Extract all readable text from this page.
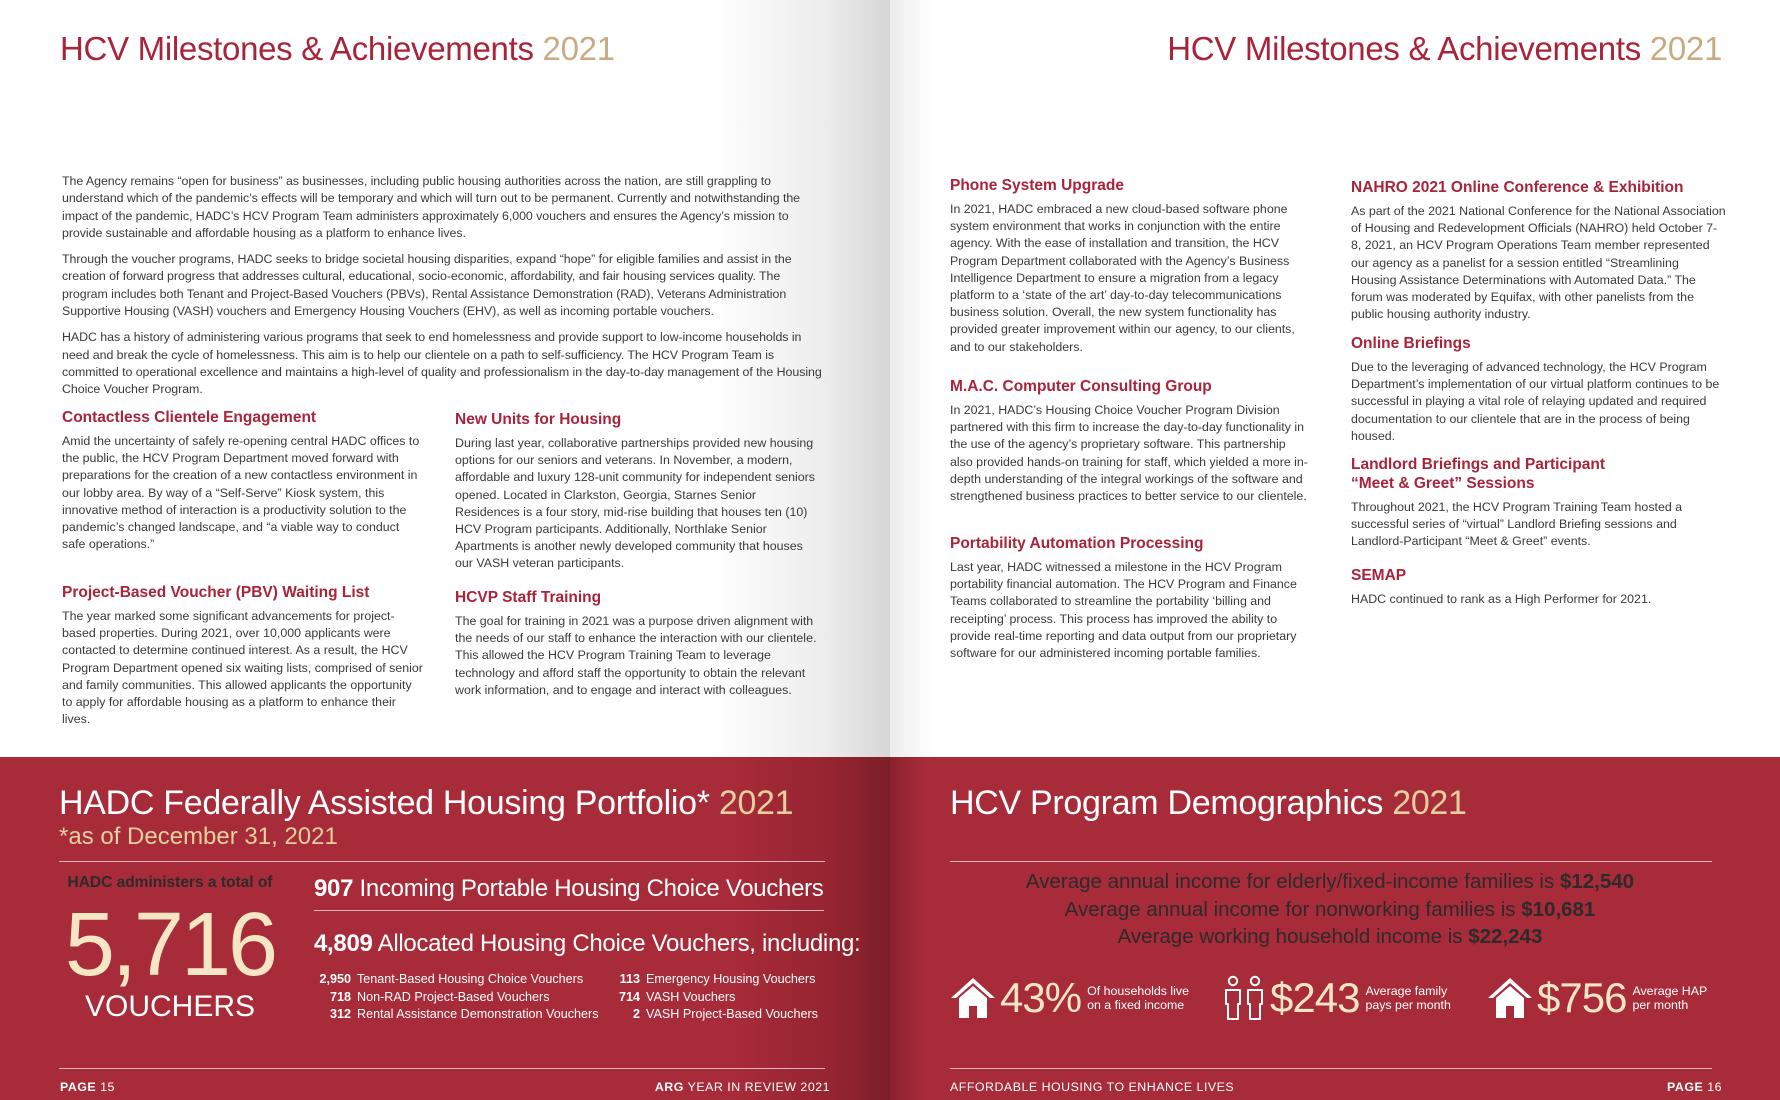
HCV Milestones & Achievements 2021

The Agency remains “open for business” as businesses, including public housing authorities across the nation, are still grappling to understand which of the pandemic’s effects will be temporary and which will turn out to be permanent. Currently and notwithstanding the impact of the pandemic, HADC’s HCV Program Team administers approximately 6,000 vouchers and ensures the Agency’s mission to provide sustainable and affordable housing as a platform to enhance lives.

Through the voucher programs, HADC seeks to bridge societal housing disparities, expand “hope” for eligible families and assist in the creation of forward progress that addresses cultural, educational, socio-economic, affordability, and fair housing services quality. The program includes both Tenant and Project-Based Vouchers (PBVs), Rental Assistance Demonstration (RAD), Veterans Administration Supportive Housing (VASH) vouchers and Emergency Housing Vouchers (EHV), as well as incoming portable vouchers.

HADC has a history of administering various programs that seek to end homelessness and provide support to low-income households in need and break the cycle of homelessness. This aim is to help our clientele on a path to self-sufficiency. The HCV Program Team is committed to operational excellence and maintains a high-level of quality and professionalism in the day-to-day management of the Housing Choice Voucher Program.

Contactless Clientele Engagement

Amid the uncertainty of safely re-opening central HADC offices to the public, the HCV Program Department moved forward with preparations for the creation of a new contactless environment in our lobby area. By way of a “Self-Serve” Kiosk system, this innovative method of interaction is a productivity solution to the pandemic’s changed landscape, and “a viable way to conduct safe operations.”

Project-Based Voucher (PBV) Waiting List

The year marked some significant advancements for project-based properties. During 2021, over 10,000 applicants were contacted to determine continued interest. As a result, the HCV Program Department opened six waiting lists, comprised of senior and family communities. This allowed applicants the opportunity to apply for affordable housing as a platform to enhance their lives.

New Units for Housing

During last year, collaborative partnerships provided new housing options for our seniors and veterans. In November, a modern, affordable and luxury 128-unit community for independent seniors opened. Located in Clarkston, Georgia, Starnes Senior Residences is a four story, mid-rise building that houses ten (10) HCV Program participants. Additionally, Northlake Senior Apartments is another newly developed community that houses our VASH veteran participants.

HCVP Staff Training

The goal for training in 2021 was a purpose driven alignment with the needs of our staff to enhance the interaction with our clientele. This allowed the HCV Program Training Team to leverage technology and afford staff the opportunity to obtain the relevant work information, and to engage and interact with colleagues.

HADC Federally Assisted Housing Portfolio* 2021
*as of December 31, 2021
HADC administers a total of
5,716
VOUCHERS
907 Incoming Portable Housing Choice Vouchers
4,809 Allocated Housing Choice Vouchers, including:
2,950 Tenant-Based Housing Choice Vouchers
718 Non-RAD Project-Based Vouchers
312 Rental Assistance Demonstration Vouchers
113 Emergency Housing Vouchers
714 VASH Vouchers
2 VASH Project-Based Vouchers
PAGE 15	ARG YEAR IN REVIEW 2021
HCV Milestones & Achievements 2021
Phone System Upgrade

In 2021, HADC embraced a new cloud-based software phone system environment that works in conjunction with the entire agency. With the ease of installation and transition, the HCV Program Department collaborated with the Agency’s Business Intelligence Department to ensure a migration from a legacy platform to a ‘state of the art’ day-to-day telecommunications business solution. Overall, the new system functionality has provided greater improvement within our agency, to our clients, and to our stakeholders.

M.A.C. Computer Consulting Group

In 2021, HADC’s Housing Choice Voucher Program Division partnered with this firm to increase the day-to-day functionality in the use of the agency’s proprietary software. This partnership also provided hands-on training for staff, which yielded a more in-depth understanding of the integral workings of the software and strengthened business practices to better service to our clientele.

Portability Automation Processing

Last year, HADC witnessed a milestone in the HCV Program portability financial automation. The HCV Program and Finance Teams collaborated to streamline the portability ‘billing and receipting’ process. This process has improved the ability to provide real-time reporting and data output from our proprietary software for our administered incoming portable families.

NAHRO 2021 Online Conference & Exhibition

As part of the 2021 National Conference for the National Association of Housing and Redevelopment Officials (NAHRO) held October 7-8, 2021, an HCV Program Operations Team member represented our agency as a panelist for a session entitled “Streamlining Housing Assistance Determinations with Automated Data.” The forum was moderated by Equifax, with other panelists from the public housing authority industry.

Online Briefings

Due to the leveraging of advanced technology, the HCV Program Department’s implementation of our virtual platform continues to be successful in playing a vital role of relaying updated and required documentation to our clientele that are in the process of being housed.

Landlord Briefings and Participant
“Meet & Greet” Sessions

Throughout 2021, the HCV Program Training Team hosted a successful series of “virtual” Landlord Briefing sessions and Landlord-Participant “Meet & Greet” events.

SEMAP

HADC continued to rank as a High Performer for 2021.

HCV Program Demographics 2021
Average annual income for elderly/fixed-income families is $12,540
Average annual income for nonworking families is $10,681
Average working household income is $22,243
43% Of households live
on a fixed income $243 Average family
pays per month $756 Average HAP
per month
AFFORDABLE HOUSING TO ENHANCE LIVES	PAGE 16
